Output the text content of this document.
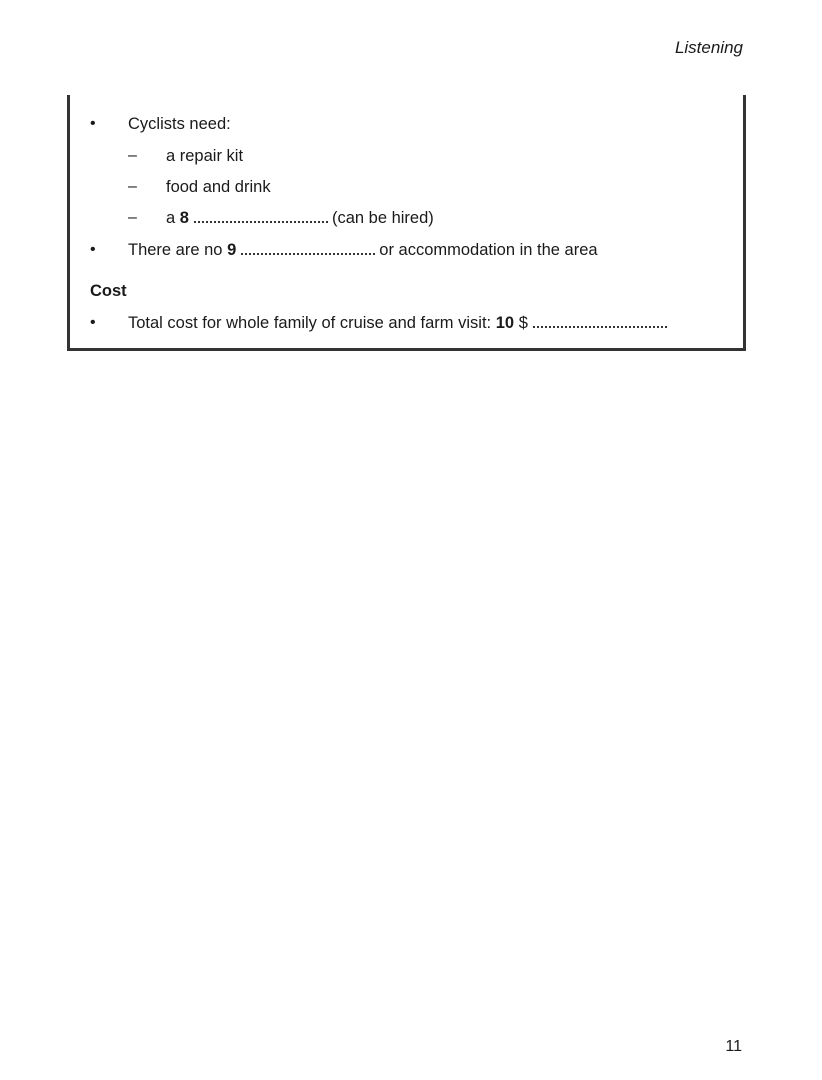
Listening
• Cyclists need:
– a repair kit
– food and drink
– a 8	(can be hired)
• There are no 9	or accommodation in the area
Cost
• Total cost for whole family of cruise and farm visit: 10 $
11
